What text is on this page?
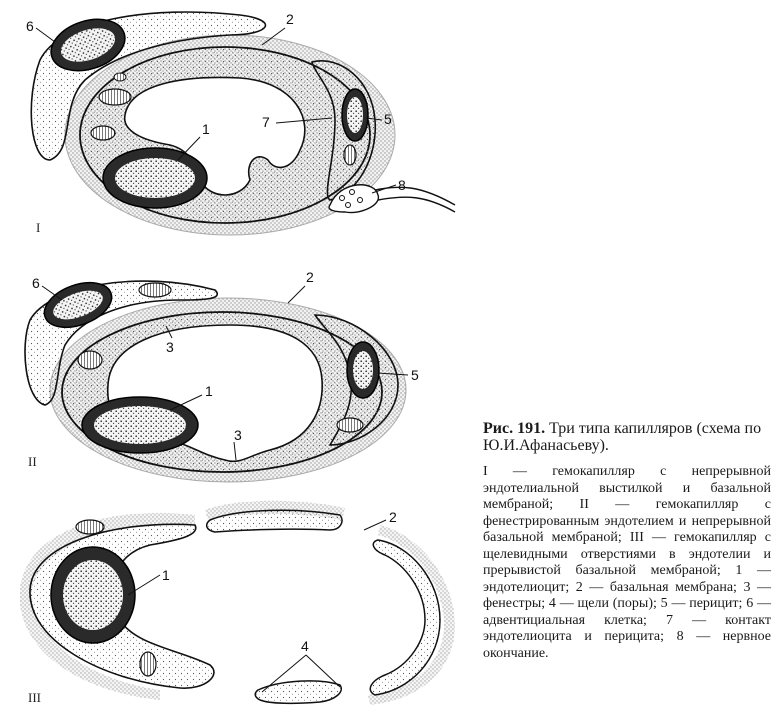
6	2
1	7	5
8
I
6	2
3
1
5
3
II
2
1
4
III

Рис. 191. Три типа капилляров (схема по Ю.И.Афанасьеву).

I — гемокапилляр с непрерывной эндотелиальной выстилкой и базальной мембраной; II — гемокапилляр с фенестрированным эндотелием и непрерывной базальной мембраной; III — гемокапилляр с щелевидными отверстиями в эндотелии и прерывистой базальной мембраной; 1 — эндотелиоцит; 2 — базальная мембрана; 3 — фенестры; 4 — щели (поры); 5 — перицит; 6 — адвентициальная клетка; 7 — контакт эндотелиоцита и перицита; 8 — нервное окончание.
